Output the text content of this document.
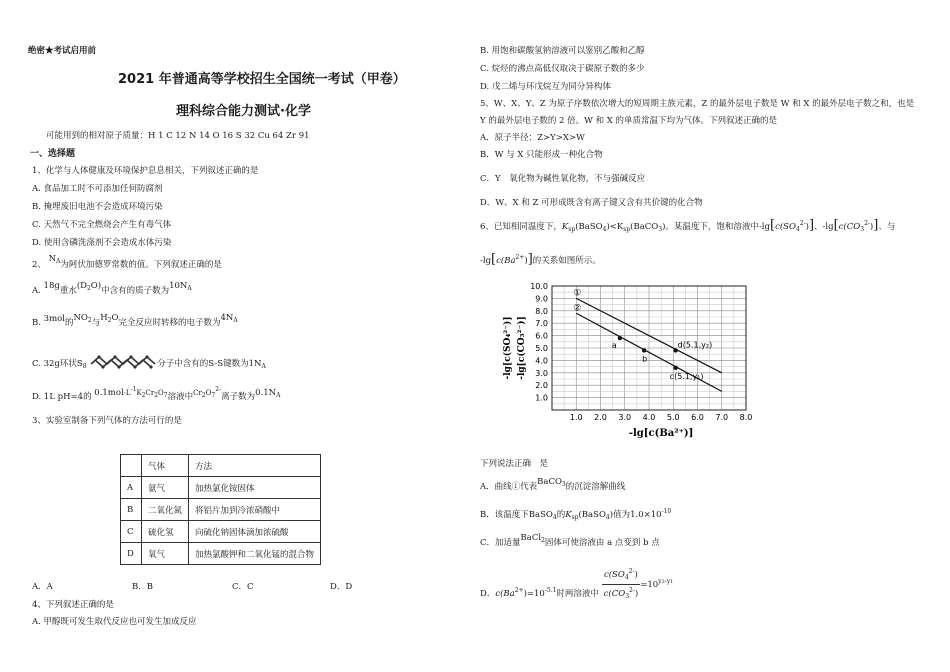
绝密★考试启用前
2021 年普通高等学校招生全国统一考试（甲卷）
理科综合能力测试·化学
可能用到的相对原子质量：H 1 C 12 N 14 O 16 S 32 Cu 64 Zr 91
一、选择题
1、化学与人体健康及环境保护息息相关，下列叙述正确的是
A. 食品加工时不可添加任何防腐剂
B. 掩埋废旧电池不会造成环境污染
C. 天然气不完全燃烧会产生有毒气体
D. 使用含磷洗涤剂不会造成水体污染
2、 $N_A$为阿伏加德罗常数的值。下列叙述正确的是
A. 18g重水$(D_2O)$中含有的质子数为$10N_A$
B. 3mol的$NO_2$与$H_2O$完全反应时转移的电子数为$4N_A$
C. 32g环状$S_8$	分子中含有的S-S键数为$1N_A$
D. 1L pH=4的 0.1mol·L-1K2Cr2O7溶液中$^{Cr2O72-}$离子数为$0.1N_A$
3、实验室制备下列气体的方法可行的是
	气体	方法
A	氨气	加热氯化铵固体
B	二氧化氮	将铝片加到冷浓硝酸中
C	硫化氢	向硫化钠固体滴加浓硫酸
D	氧气	加热氯酸钾和二氧化锰的混合物
A．A	B．B	C．C	D．D
4、下列叙述正确的是
A. 甲醇既可发生取代反应也可发生加成反应
B. 用饱和碳酸氢钠溶液可以鉴别乙酸和乙醇
C. 烷烃的沸点高低仅取决于碳原子数的多少
D. 戊二烯与环戊烷互为同分异构体
5、W、X、Y、Z 为原子序数依次增大的短周期主族元素，Z 的最外层电子数是 W 和 X 的最外层电子数之和，也是
Y 的最外层电子数的 2 倍。W 和 X 的单质常温下均为气体。下列叙述正确的是
A．原子半径：Z>Y>X>W
B．W 与 X 只能形成一种化合物
C．Y　氧化物为碱性氧化物，不与强碱反应
D．W、X 和 Z 可形成既含有离子键又含有共价键的化合物
6、已知相同温度下，$K_{sp}(BaSO_4)<K_{sp}(BaCO_3)$。某温度下，饱和溶液中$-\lg[c(SO_4^{2-})]$、$-\lg[c(CO_3^{2-})]$、与
$-\lg[c(Ba^{2+})]$的关系如图所示。
1.0 2.0 3.0 4.0 5.0 6.0 7.0 8.0
1.0
2.0
3.0
4.0
5.0
6.0
7.0
8.0
9.0
10.0
-lg[c(Ba²⁺)]
-lg[c(SO₄²⁻)] -lg[c(CO₃²⁻)]
①
②
a
b
d(5.1,y₂)
c(5.1,y₁)
下列说法正确　是
A．曲线①代表BaCO$_3$的沉淀溶解曲线
B．该温度下BaSO$_4$的$K_{sp}(BaSO_4)$值为$1.0\times 10^{-10}$
C．加适量BaCl$_2$固体可使溶液由 a 点变到 b 点
D．$c(Ba^{2+})=10^{-5.1}$时两溶液中 $\frac{c(SO_4^{2-})}{c(CO_3^{2-})} =10^{y2-y1}$
